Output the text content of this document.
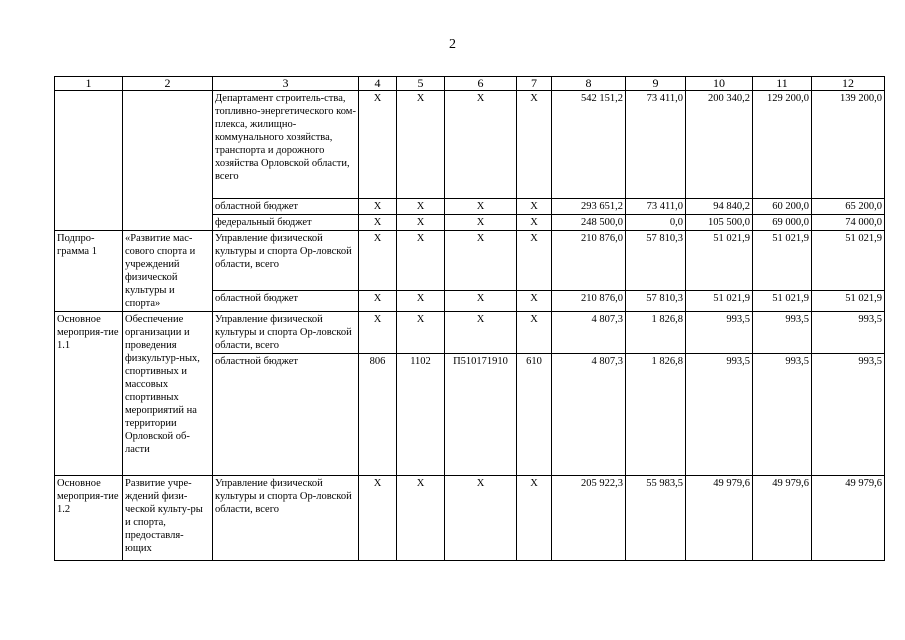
2
1	2	3	4	5	6	7	8	9	10	11	12
		Департамент строитель-ства, топливно-энергетического ком-плекса, жилищно-коммунального хозяйства, транспорта и дорожного хозяйства Орловской области, всего	X	X	X	X	542 151,2	73 411,0	200 340,2	129 200,0	139 200,0
		областной бюджет	X	X	X	X	293 651,2	73 411,0	94 840,2	60 200,0	65 200,0
		федеральный бюджет	X	X	X	X	248 500,0	0,0	105 500,0	69 000,0	74 000,0
Подпро-грамма 1	«Развитие мас-сового спорта и учреждений физической культуры и спорта»	Управление физической культуры и спорта Ор-ловской области, всего	X	X	X	X	210 876,0	57 810,3	51 021,9	51 021,9	51 021,9
		областной бюджет	X	X	X	X	210 876,0	57 810,3	51 021,9	51 021,9	51 021,9
Основное мероприя-тие 1.1	Обеспечение организации и проведения физкультур-ных, спортивных и массовых спортивных мероприятий на территории Орловской об-ласти	Управление физической культуры и спорта Ор-ловской области, всего	X	X	X	X	4 807,3	1 826,8	993,5	993,5	993,5
		областной бюджет	806	1102	П510171910	610	4 807,3	1 826,8	993,5	993,5	993,5
Основное мероприя-тие 1.2	Развитие учре-ждений физи-ческой культу-ры и спорта, предоставля-ющих	Управление физической культуры и спорта Ор-ловской области, всего	X	X	X	X	205 922,3	55 983,5	49 979,6	49 979,6	49 979,6
